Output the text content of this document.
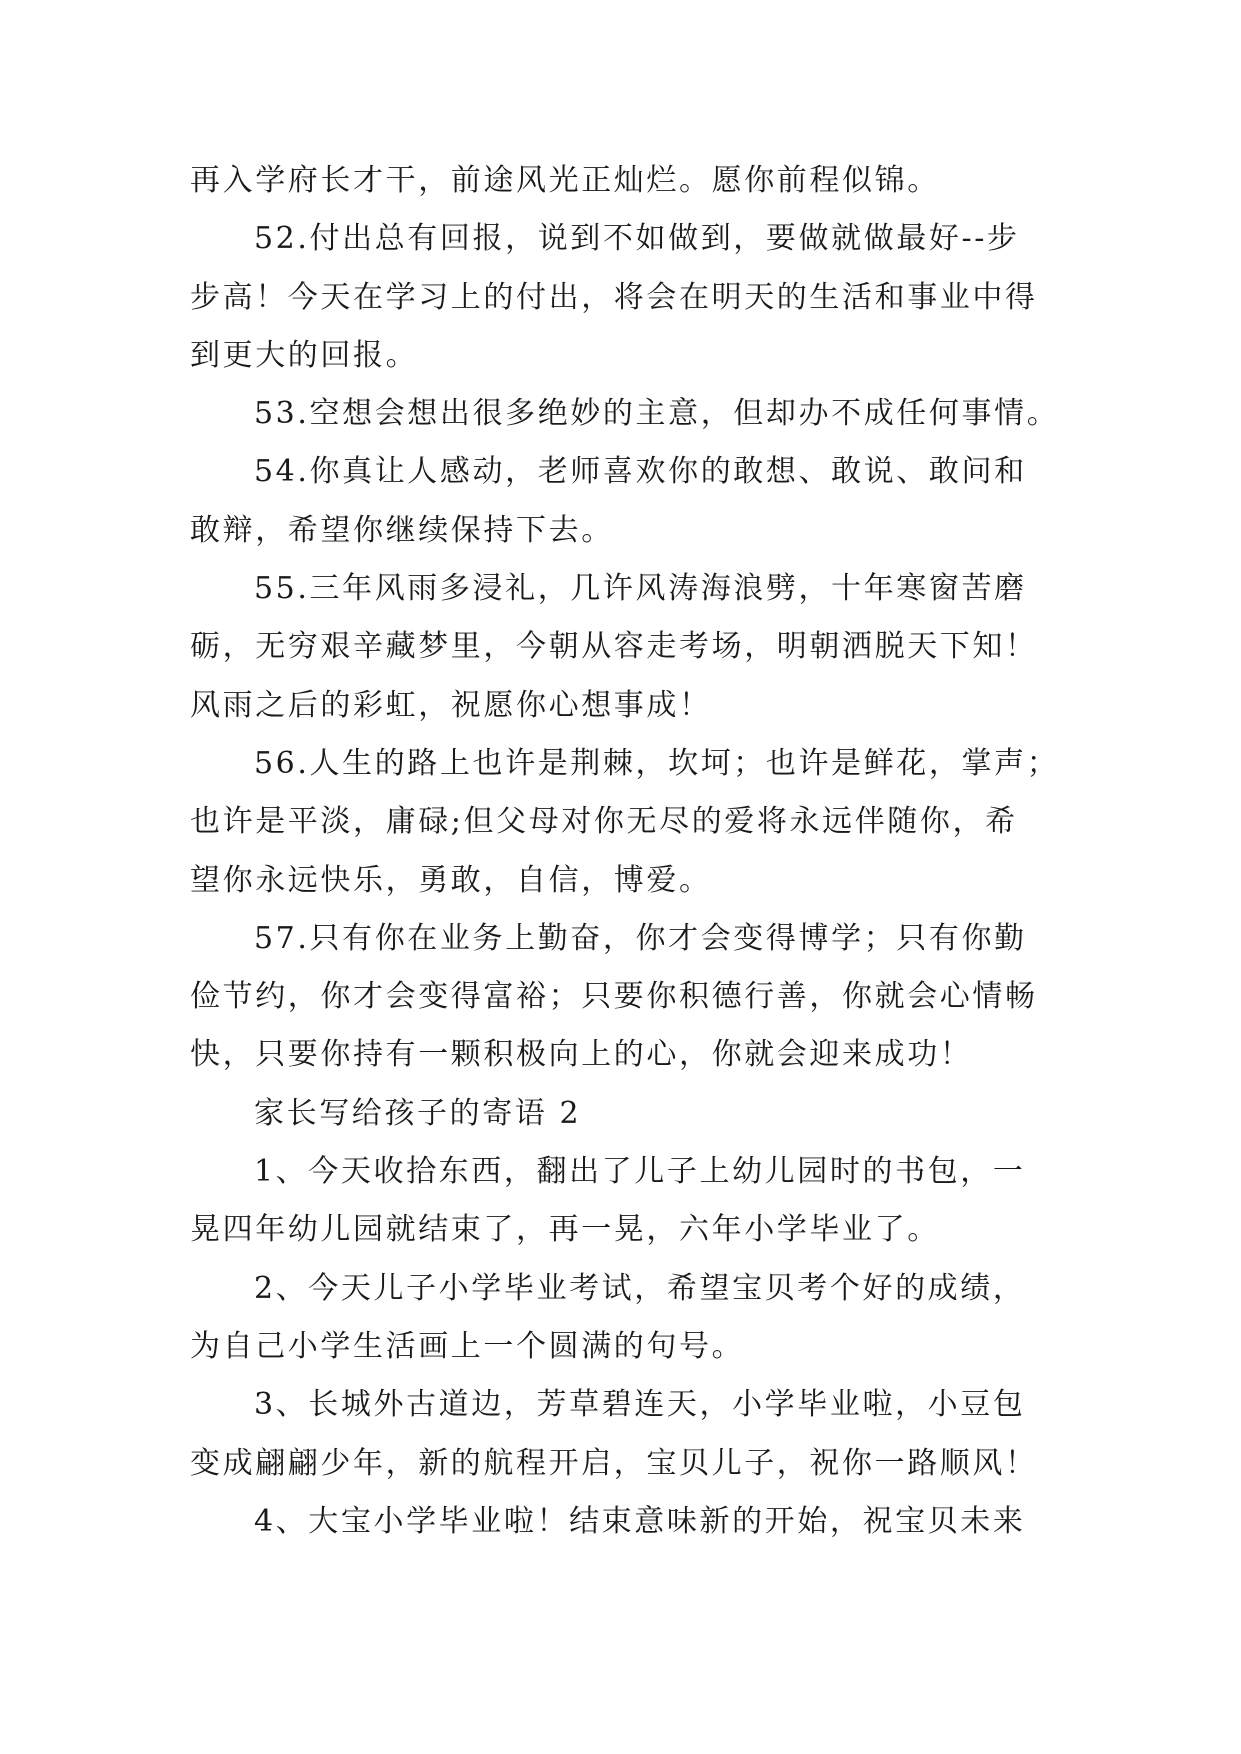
再入学府长才干，前途风光正灿烂。愿你前程似锦。
52.付出总有回报，说到不如做到，要做就做最好--步
步高！今天在学习上的付出，将会在明天的生活和事业中得
到更大的回报。
53.空想会想出很多绝妙的主意，但却办不成任何事情。
54.你真让人感动，老师喜欢你的敢想、敢说、敢问和
敢辩，希望你继续保持下去。
55.三年风雨多浸礼，几许风涛海浪劈，十年寒窗苦磨
砺，无穷艰辛藏梦里，今朝从容走考场，明朝洒脱天下知！
风雨之后的彩虹，祝愿你心想事成！
56.人生的路上也许是荆棘，坎坷；也许是鲜花，掌声；
也许是平淡，庸碌;但父母对你无尽的爱将永远伴随你，希
望你永远快乐，勇敢，自信，博爱。
57.只有你在业务上勤奋，你才会变得博学；只有你勤
俭节约，你才会变得富裕；只要你积德行善，你就会心情畅
快，只要你持有一颗积极向上的心，你就会迎来成功！
家长写给孩子的寄语 2
1、今天收拾东西，翻出了儿子上幼儿园时的书包，一
晃四年幼儿园就结束了，再一晃，六年小学毕业了。
2、今天儿子小学毕业考试，希望宝贝考个好的成绩，
为自己小学生活画上一个圆满的句号。
3、长城外古道边，芳草碧连天，小学毕业啦，小豆包
变成翩翩少年，新的航程开启，宝贝儿子，祝你一路顺风！
4、大宝小学毕业啦！结束意味新的开始，祝宝贝未来
